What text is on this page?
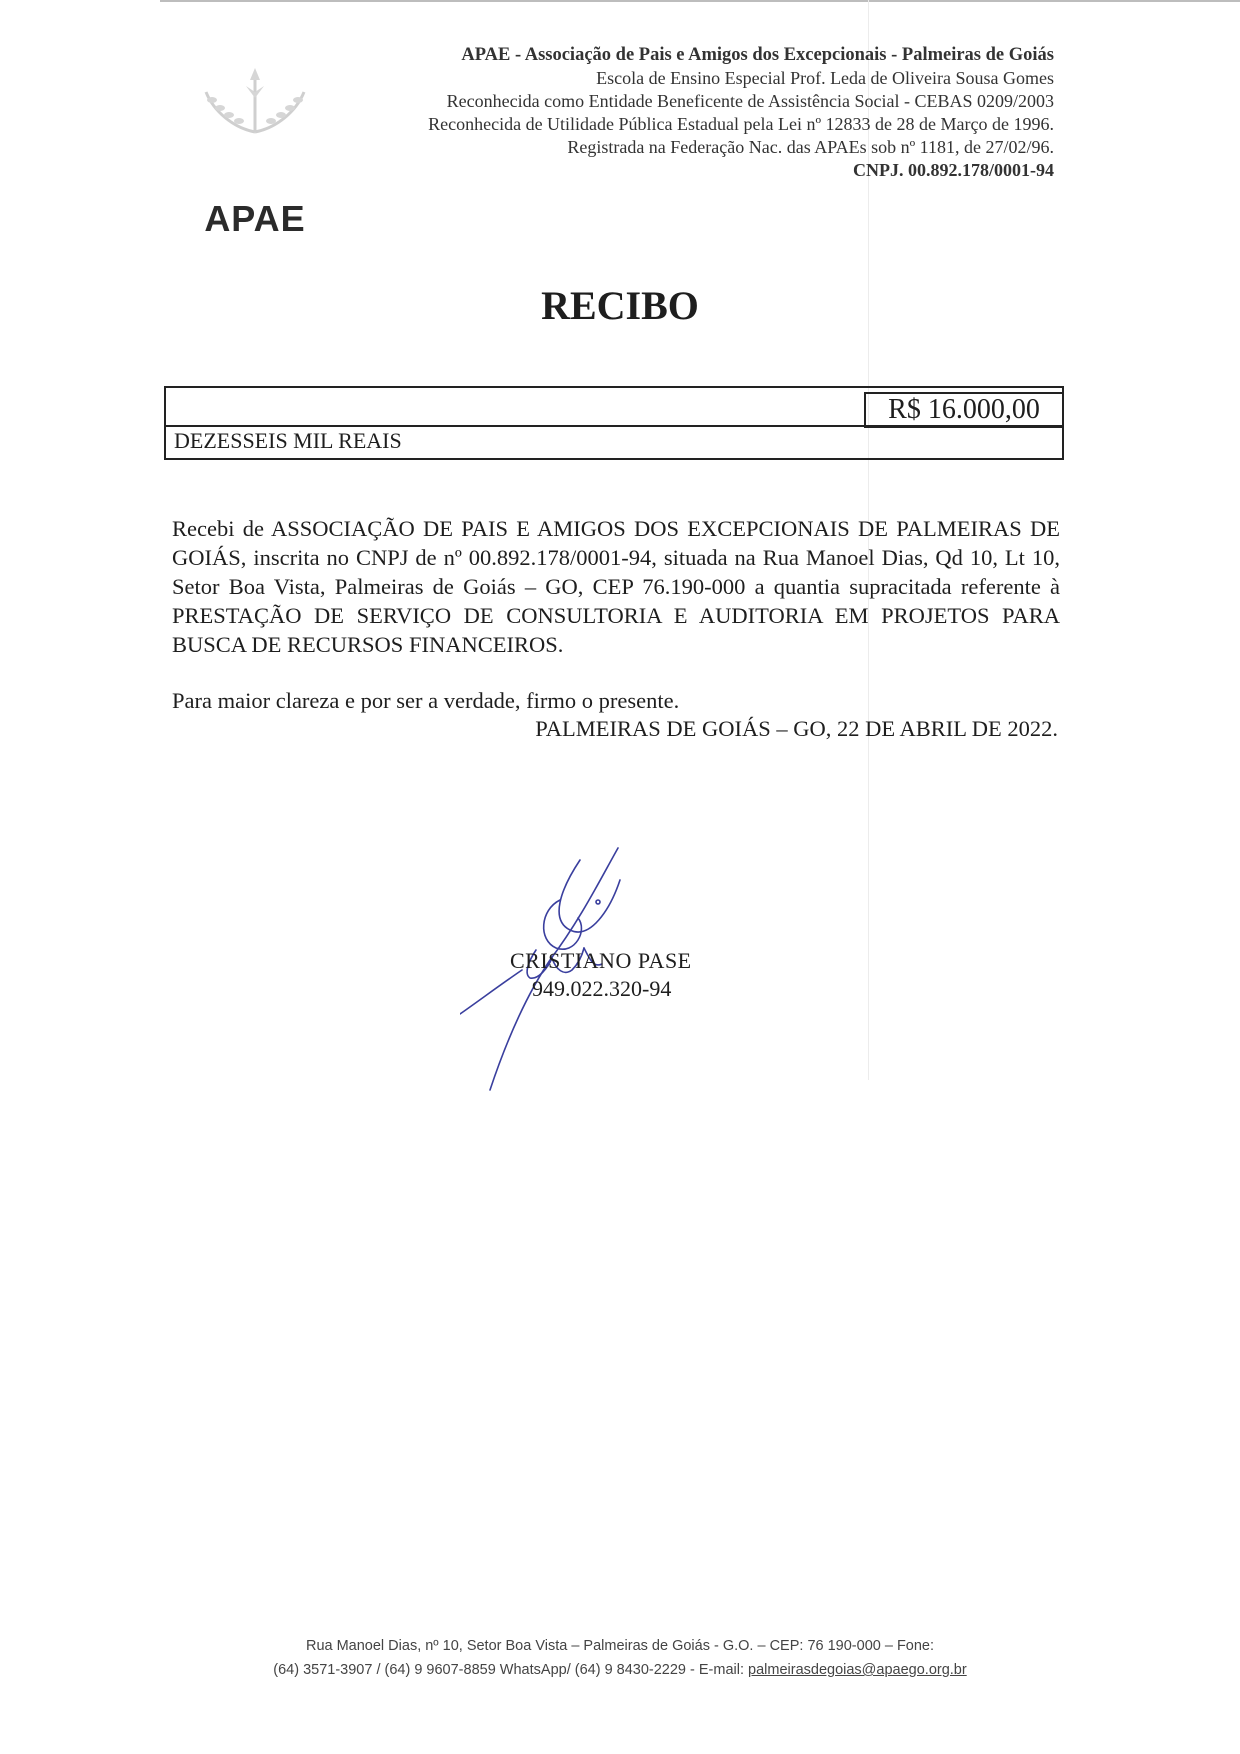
APAE
APAE - Associação de Pais e Amigos dos Excepcionais - Palmeiras de Goiás
Escola de Ensino Especial Prof. Leda de Oliveira Sousa Gomes
Reconhecida como Entidade Beneficente de Assistência Social - CEBAS 0209/2003
Reconhecida de Utilidade Pública Estadual pela Lei nº 12833 de 28 de Março de 1996.
Registrada na Federação Nac. das APAEs sob nº 1181, de 27/02/96.
CNPJ. 00.892.178/0001-94
RECIBO
R$ 16.000,00
DEZESSEIS MIL REAIS
Recebi de ASSOCIAÇÃO DE PAIS E AMIGOS DOS EXCEPCIONAIS DE PALMEIRAS DE GOIÁS, inscrita no CNPJ de nº 00.892.178/0001-94, situada na Rua Manoel Dias, Qd 10, Lt 10, Setor Boa Vista, Palmeiras de Goiás – GO, CEP 76.190-000 a quantia supracitada referente à PRESTAÇÃO DE SERVIÇO DE CONSULTORIA E AUDITORIA EM PROJETOS PARA BUSCA DE RECURSOS FINANCEIROS.
Para maior clareza e por ser a verdade, firmo o presente.
PALMEIRAS DE GOIÁS – GO, 22 DE ABRIL DE 2022.
CRISTIANO PASE
949.022.320-94
Rua Manoel Dias, nº 10, Setor Boa Vista – Palmeiras de Goiás - G.O. – CEP: 76 190-000 – Fone:
(64) 3571-3907 / (64) 9 9607-8859 WhatsApp/ (64) 9 8430-2229 - E-mail: palmeirasdegoias@apaego.org.br
